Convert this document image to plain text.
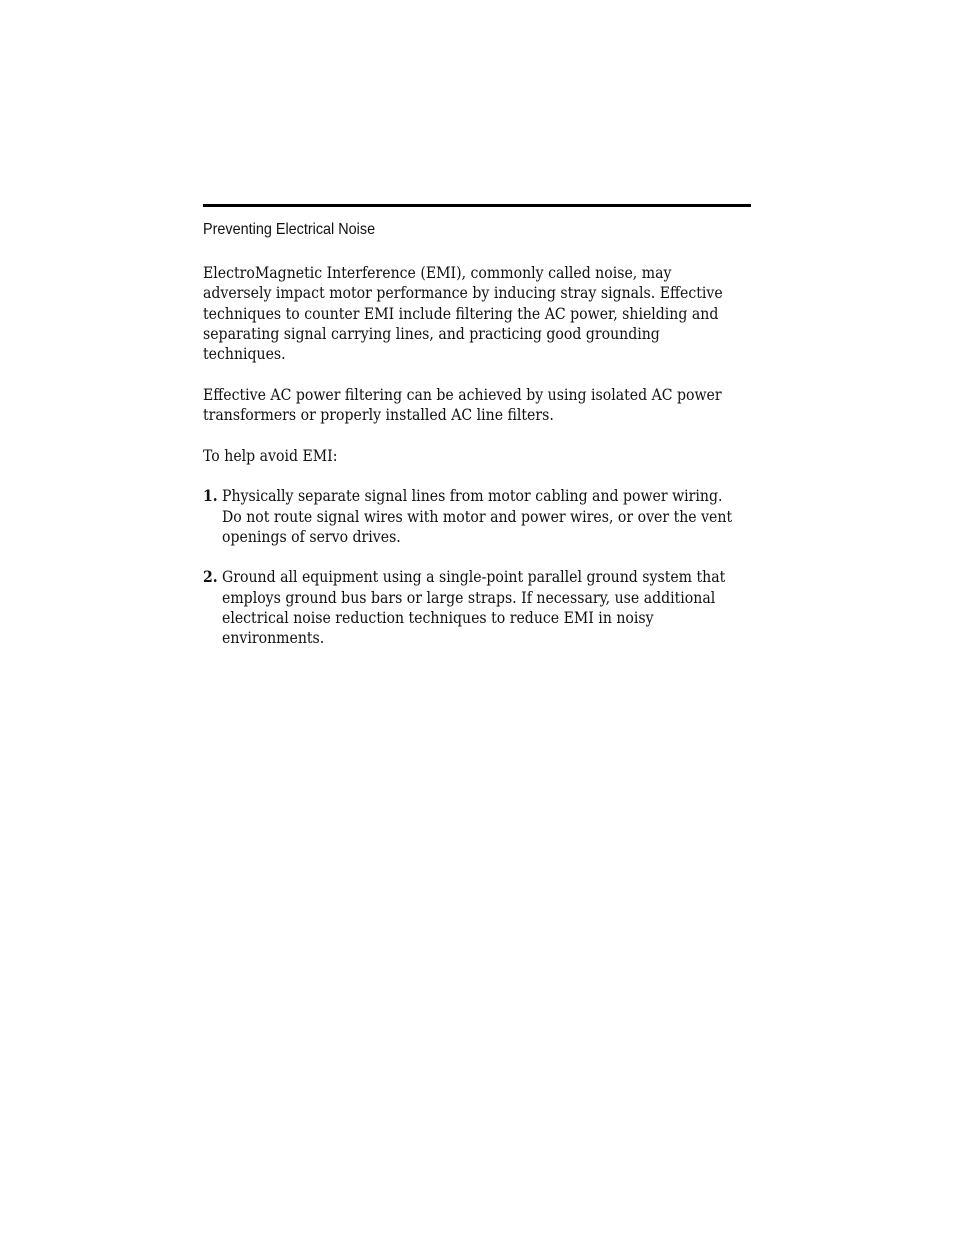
Preventing Electrical Noise

ElectroMagnetic Interference (EMI), commonly called noise, may
adversely impact motor performance by inducing stray signals. Effective
techniques to counter EMI include filtering the AC power, shielding and
separating signal carrying lines, and practicing good grounding
techniques.

Effective AC power filtering can be achieved by using isolated AC power
transformers or properly installed AC line filters.

To help avoid EMI:

1. Physically separate signal lines from motor cabling and power wiring.
Do not route signal wires with motor and power wires, or over the vent
openings of servo drives.
2. Ground all equipment using a single-point parallel ground system that
employs ground bus bars or large straps. If necessary, use additional
electrical noise reduction techniques to reduce EMI in noisy
environments.
